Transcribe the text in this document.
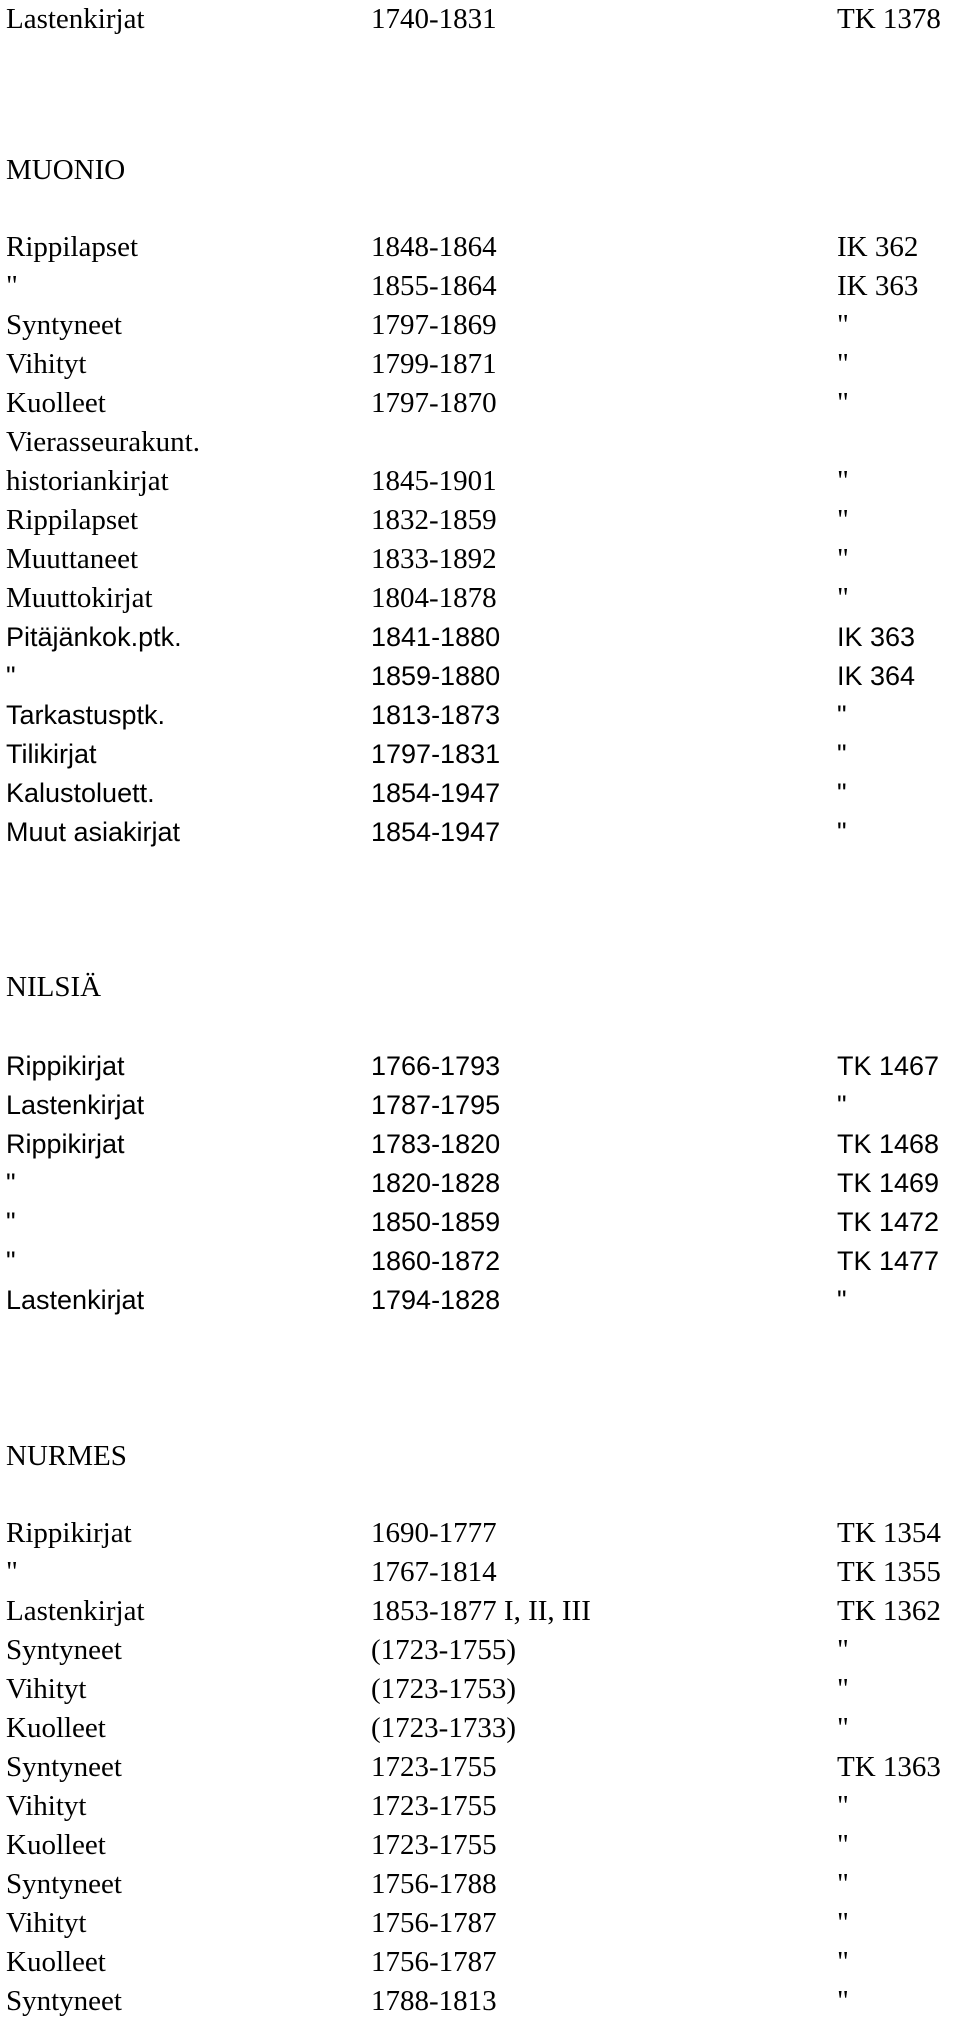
Lastenkirjat	1740-1831	TK 1378
MUONIO
Rippilapset	1848-1864	IK 362
"	1855-1864	IK 363
Syntyneet	1797-1869	"
Vihityt	1799-1871	"
Kuolleet	1797-1870	"
Vierasseurakunt.
historiankirjat	1845-1901	"
Rippilapset	1832-1859	"
Muuttaneet	1833-1892	"
Muuttokirjat	1804-1878	"
Pitäjänkok.ptk.	1841-1880	IK 363
"	1859-1880	IK 364
Tarkastusptk.	1813-1873	"
Tilikirjat	1797-1831	"
Kalustoluett.	1854-1947	"
Muut asiakirjat	1854-1947	"
NILSIÄ
Rippikirjat	1766-1793	TK 1467
Lastenkirjat	1787-1795	"
Rippikirjat	1783-1820	TK 1468
"	1820-1828	TK 1469
"	1850-1859	TK 1472
"	1860-1872	TK 1477
Lastenkirjat	1794-1828	"
NURMES
Rippikirjat	1690-1777	TK 1354
"	1767-1814	TK 1355
Lastenkirjat	1853-1877 I, II, III	TK 1362
Syntyneet	(1723-1755)	"
Vihityt	(1723-1753)	"
Kuolleet	(1723-1733)	"
Syntyneet	1723-1755	TK 1363
Vihityt	1723-1755	"
Kuolleet	1723-1755	"
Syntyneet	1756-1788	"
Vihityt	1756-1787	"
Kuolleet	1756-1787	"
Syntyneet	1788-1813	"
